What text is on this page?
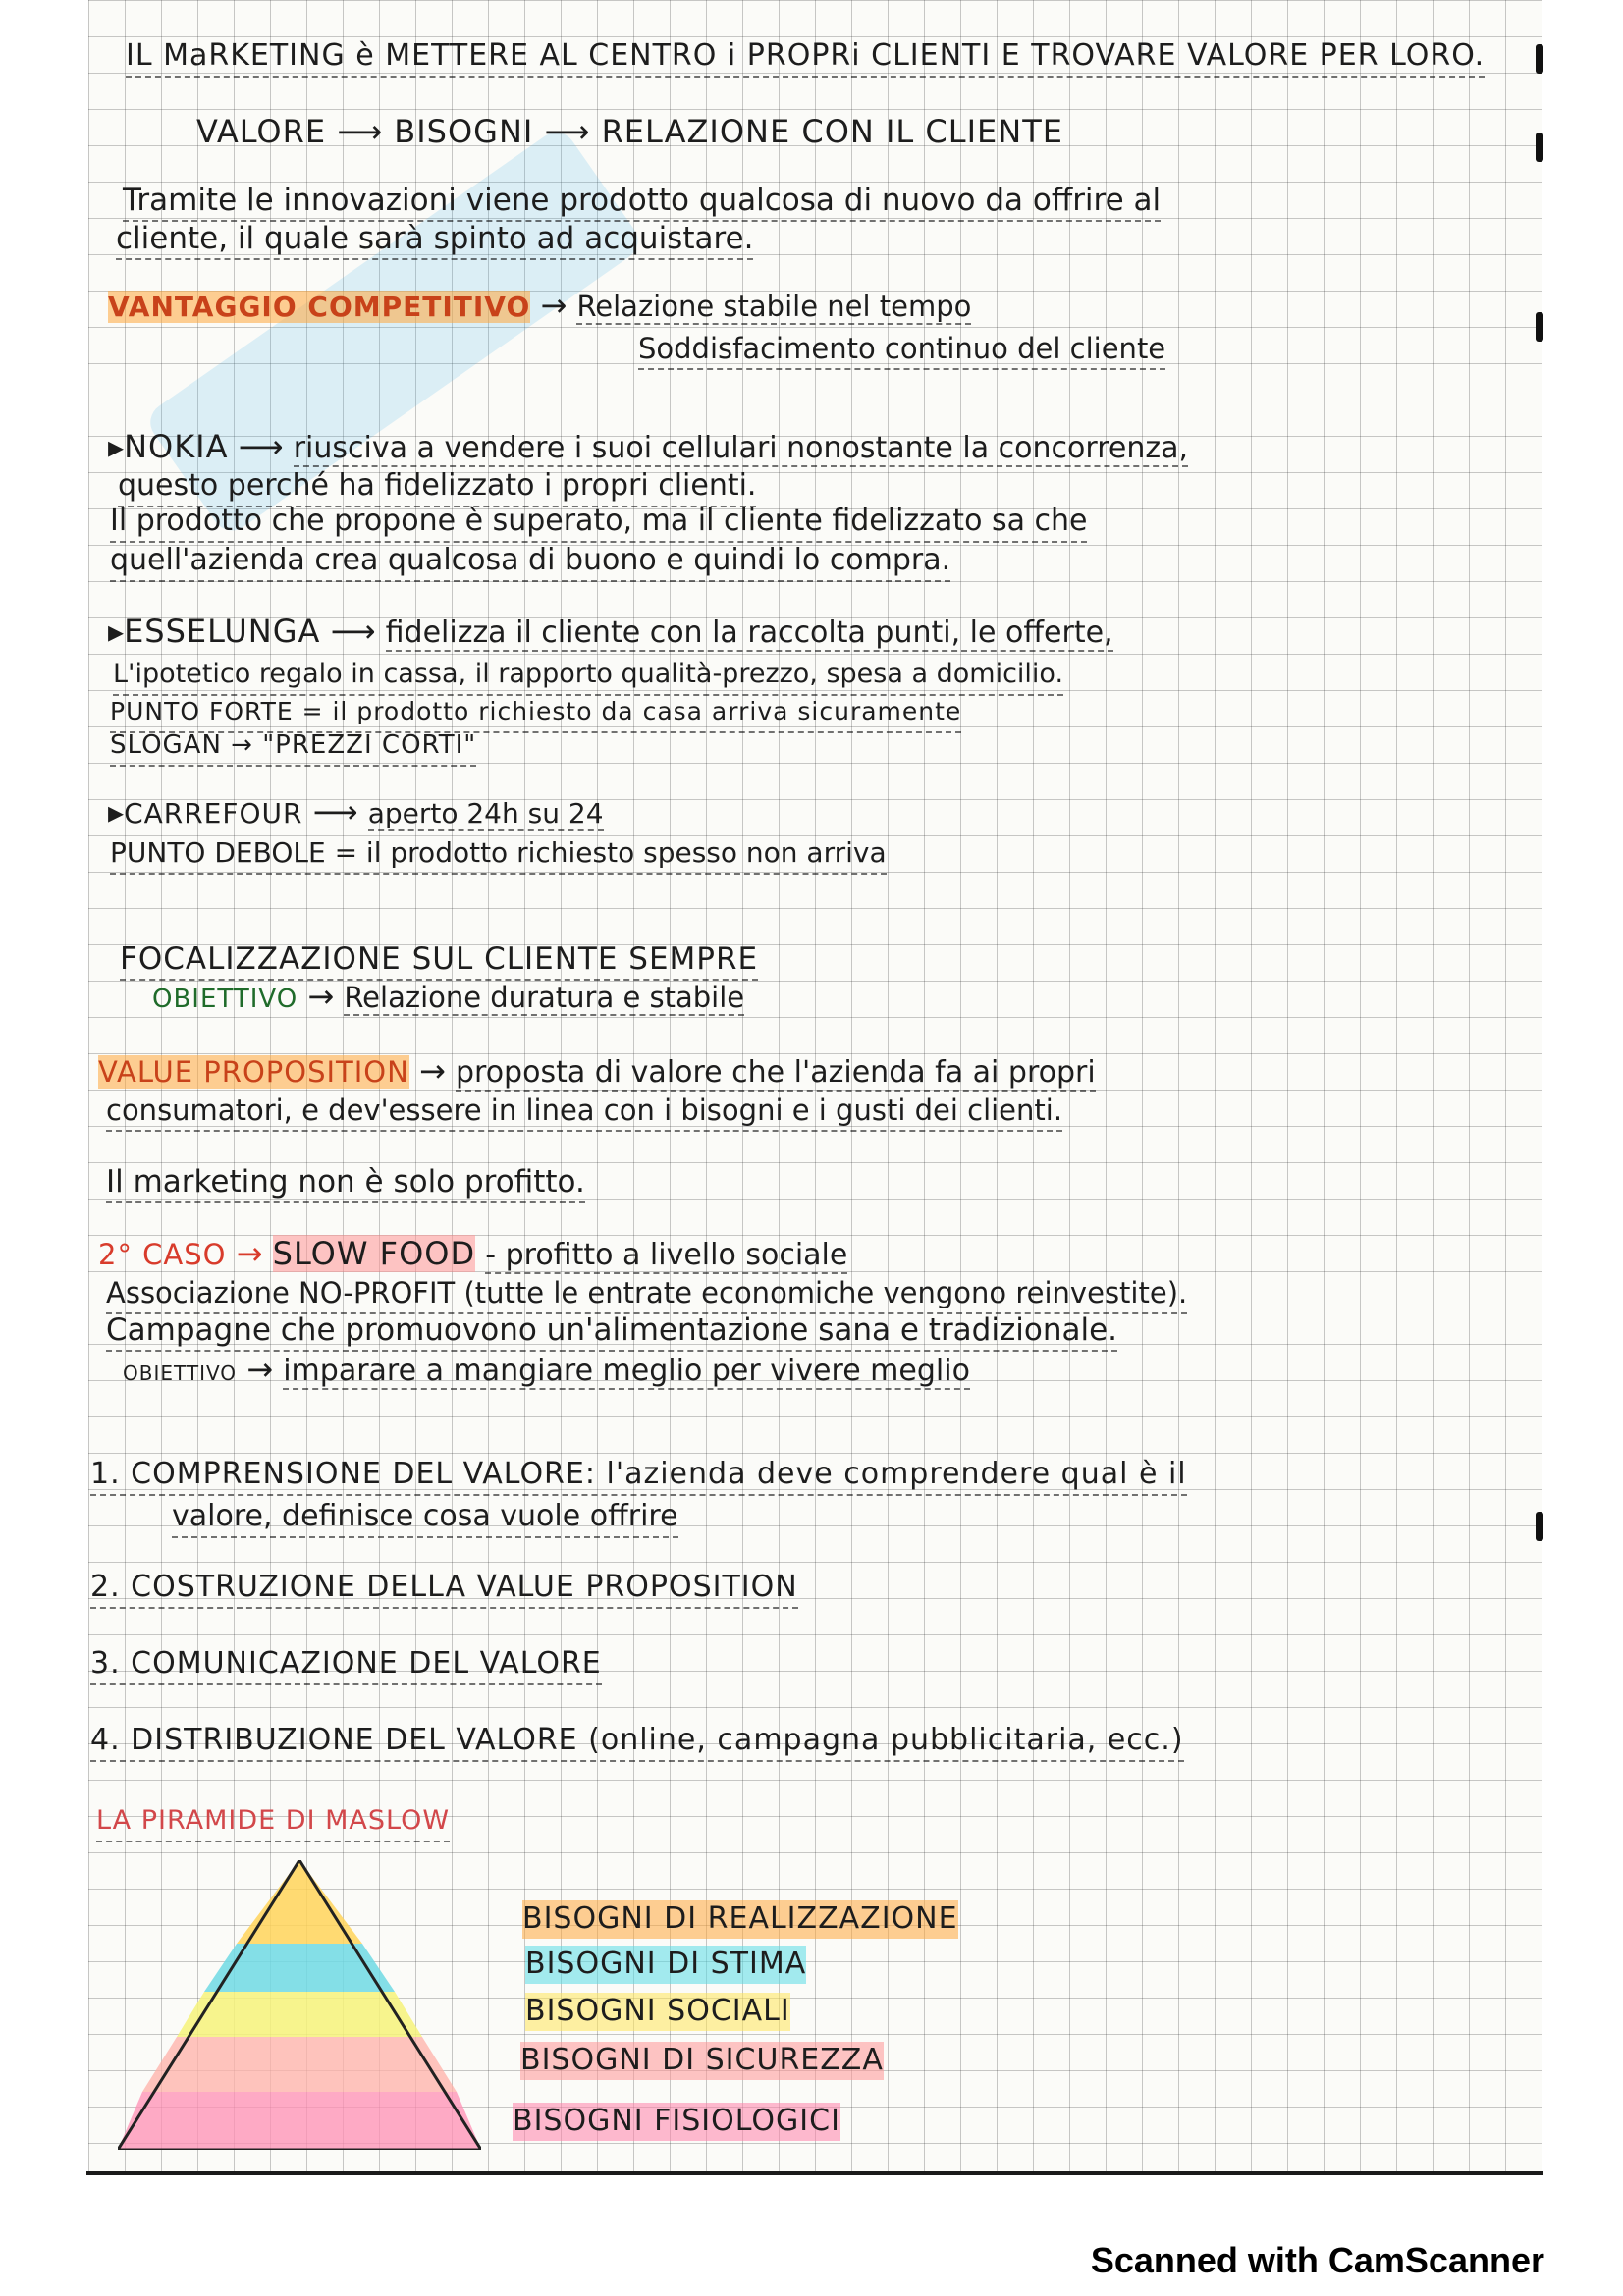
IL MaRKETING è METTERE AL CENTRO i PROPRi CLIENTI E TROVARE VALORE PER LORO.
VALORE ⟶ BISOGNI ⟶ RELAZIONE CON IL CLIENTE
Tramite le innovazioni viene prodotto qualcosa di nuovo da offrire al
cliente, il quale sarà spinto ad acquistare.
VANTAGGIO COMPETITIVO → Relazione stabile nel tempo
Soddisfacimento continuo del cliente
▸NOKIA ⟶ riusciva a vendere i suoi cellulari nonostante la concorrenza,
questo perché ha fidelizzato i propri clienti.
Il prodotto che propone è superato, ma il cliente fidelizzato sa che
quell'azienda crea qualcosa di buono e quindi lo compra.
▸ESSELUNGA ⟶ fidelizza il cliente con la raccolta punti, le offerte,
L'ipotetico regalo in cassa, il rapporto qualità-prezzo, spesa a domicilio.
PUNTO FORTE = il prodotto richiesto da casa arriva sicuramente
SLOGAN → "PREZZI CORTI"
▸CARREFOUR ⟶ aperto 24h su 24
PUNTO DEBOLE = il prodotto richiesto spesso non arriva
FOCALIZZAZIONE SUL CLIENTE SEMPRE
OBIETTIVO → Relazione duratura e stabile
VALUE PROPOSITION → proposta di valore che l'azienda fa ai propri
consumatori, e dev'essere in linea con i bisogni e i gusti dei clienti.
Il marketing non è solo profitto.
2° CASO → SLOW FOOD - profitto a livello sociale
Associazione NO-PROFIT (tutte le entrate economiche vengono reinvestite).
Campagne che promuovono un'alimentazione sana e tradizionale.
OBIETTIVO → imparare a mangiare meglio per vivere meglio
1. COMPRENSIONE DEL VALORE: l'azienda deve comprendere qual è il
valore, definisce cosa vuole offrire
2. COSTRUZIONE DELLA VALUE PROPOSITION
3. COMUNICAZIONE DEL VALORE
4. DISTRIBUZIONE DEL VALORE (online, campagna pubblicitaria, ecc.)
LA PIRAMIDE DI MASLOW
BISOGNI DI REALIZZAZIONE
BISOGNI DI STIMA
BISOGNI SOCIALI
BISOGNI DI SICUREZZA
BISOGNI FISIOLOGICI
Scanned with CamScanner
